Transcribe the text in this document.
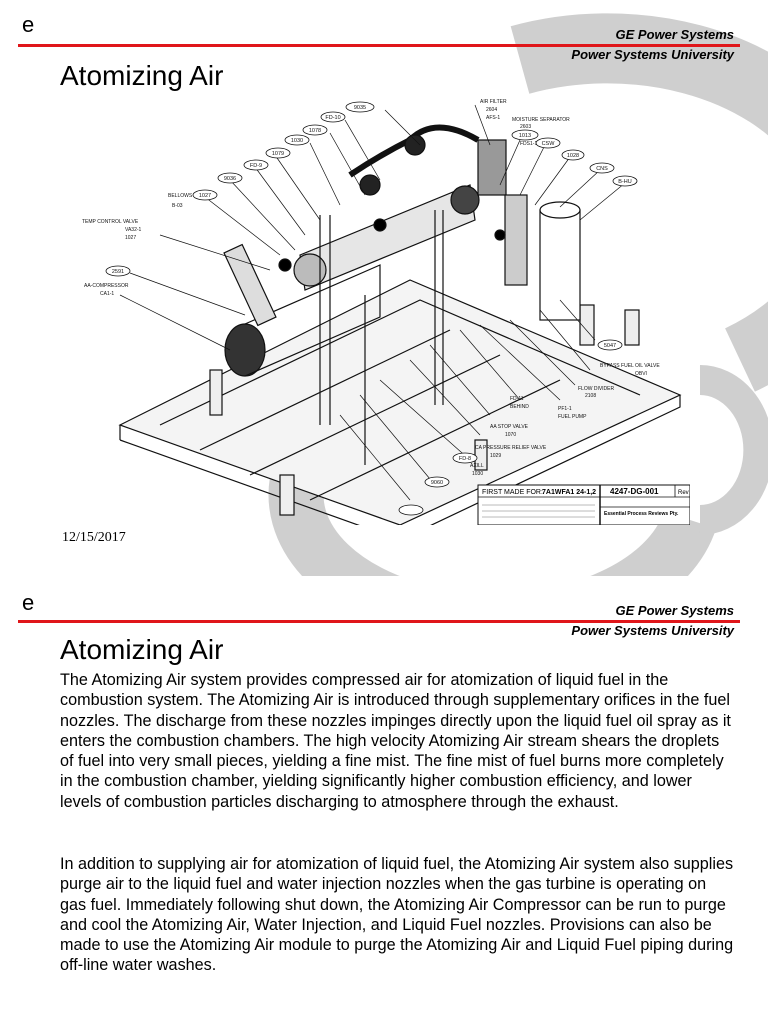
e	GE Power Systems
Power Systems University
Atomizing Air
9035
FD-10
1078
1030
1079
FD-9
9036
1027
2591
1013
CSW
1028
CNS
B-HU
5047
FD-8
9060
AIR FILTER
2604
AFS-1 MOISTURE SEPARATOR
2603
FDS1-1
TEMP CONTROL VALVE
VA32-1
1027
BELLOWS
B-03
AA-COMPRESSOR
CA1-1
BYPASS FUEL OIL VALVE
OBVI
FLOW DIVIDER
2108
PF1-1
FUEL PUMP
FD-11
BEHIND
AA STOP VALVE
1070
CA PRESSURE RELIEF VALVE
1029
AXILL
1030
FIRST MADE FOR: 7A1WFA1 24-1,2 4247-DG-001	Rev
Essential Process Reviews Pty.
12/15/2017
e	GE Power Systems
Power Systems University
Atomizing Air
The Atomizing Air system provides compressed air for atomization of liquid fuel in the combustion system. The Atomizing Air is introduced through supplementary orifices in the fuel nozzles. The discharge from these nozzles impinges directly upon the liquid fuel oil spray as it enters the combustion chambers. The high velocity Atomizing Air stream shears the droplets of fuel into very small pieces, yielding a fine mist. The fine mist of fuel burns more completely in the combustion chamber, yielding significantly higher combustion efficiency, and lower levels of combustion particles discharging to atmosphere through the exhaust.
In addition to supplying air for atomization of liquid fuel, the Atomizing Air system also supplies purge air to the liquid fuel and water injection nozzles when the gas turbine is operating on gas fuel. Immediately following shut down, the Atomizing Air Compressor can be run to purge and cool the Atomizing Air, Water Injection, and Liquid Fuel nozzles. Provisions can also be made to use the Atomizing Air module to purge the Atomizing Air and Liquid Fuel piping during off-line water washes.
